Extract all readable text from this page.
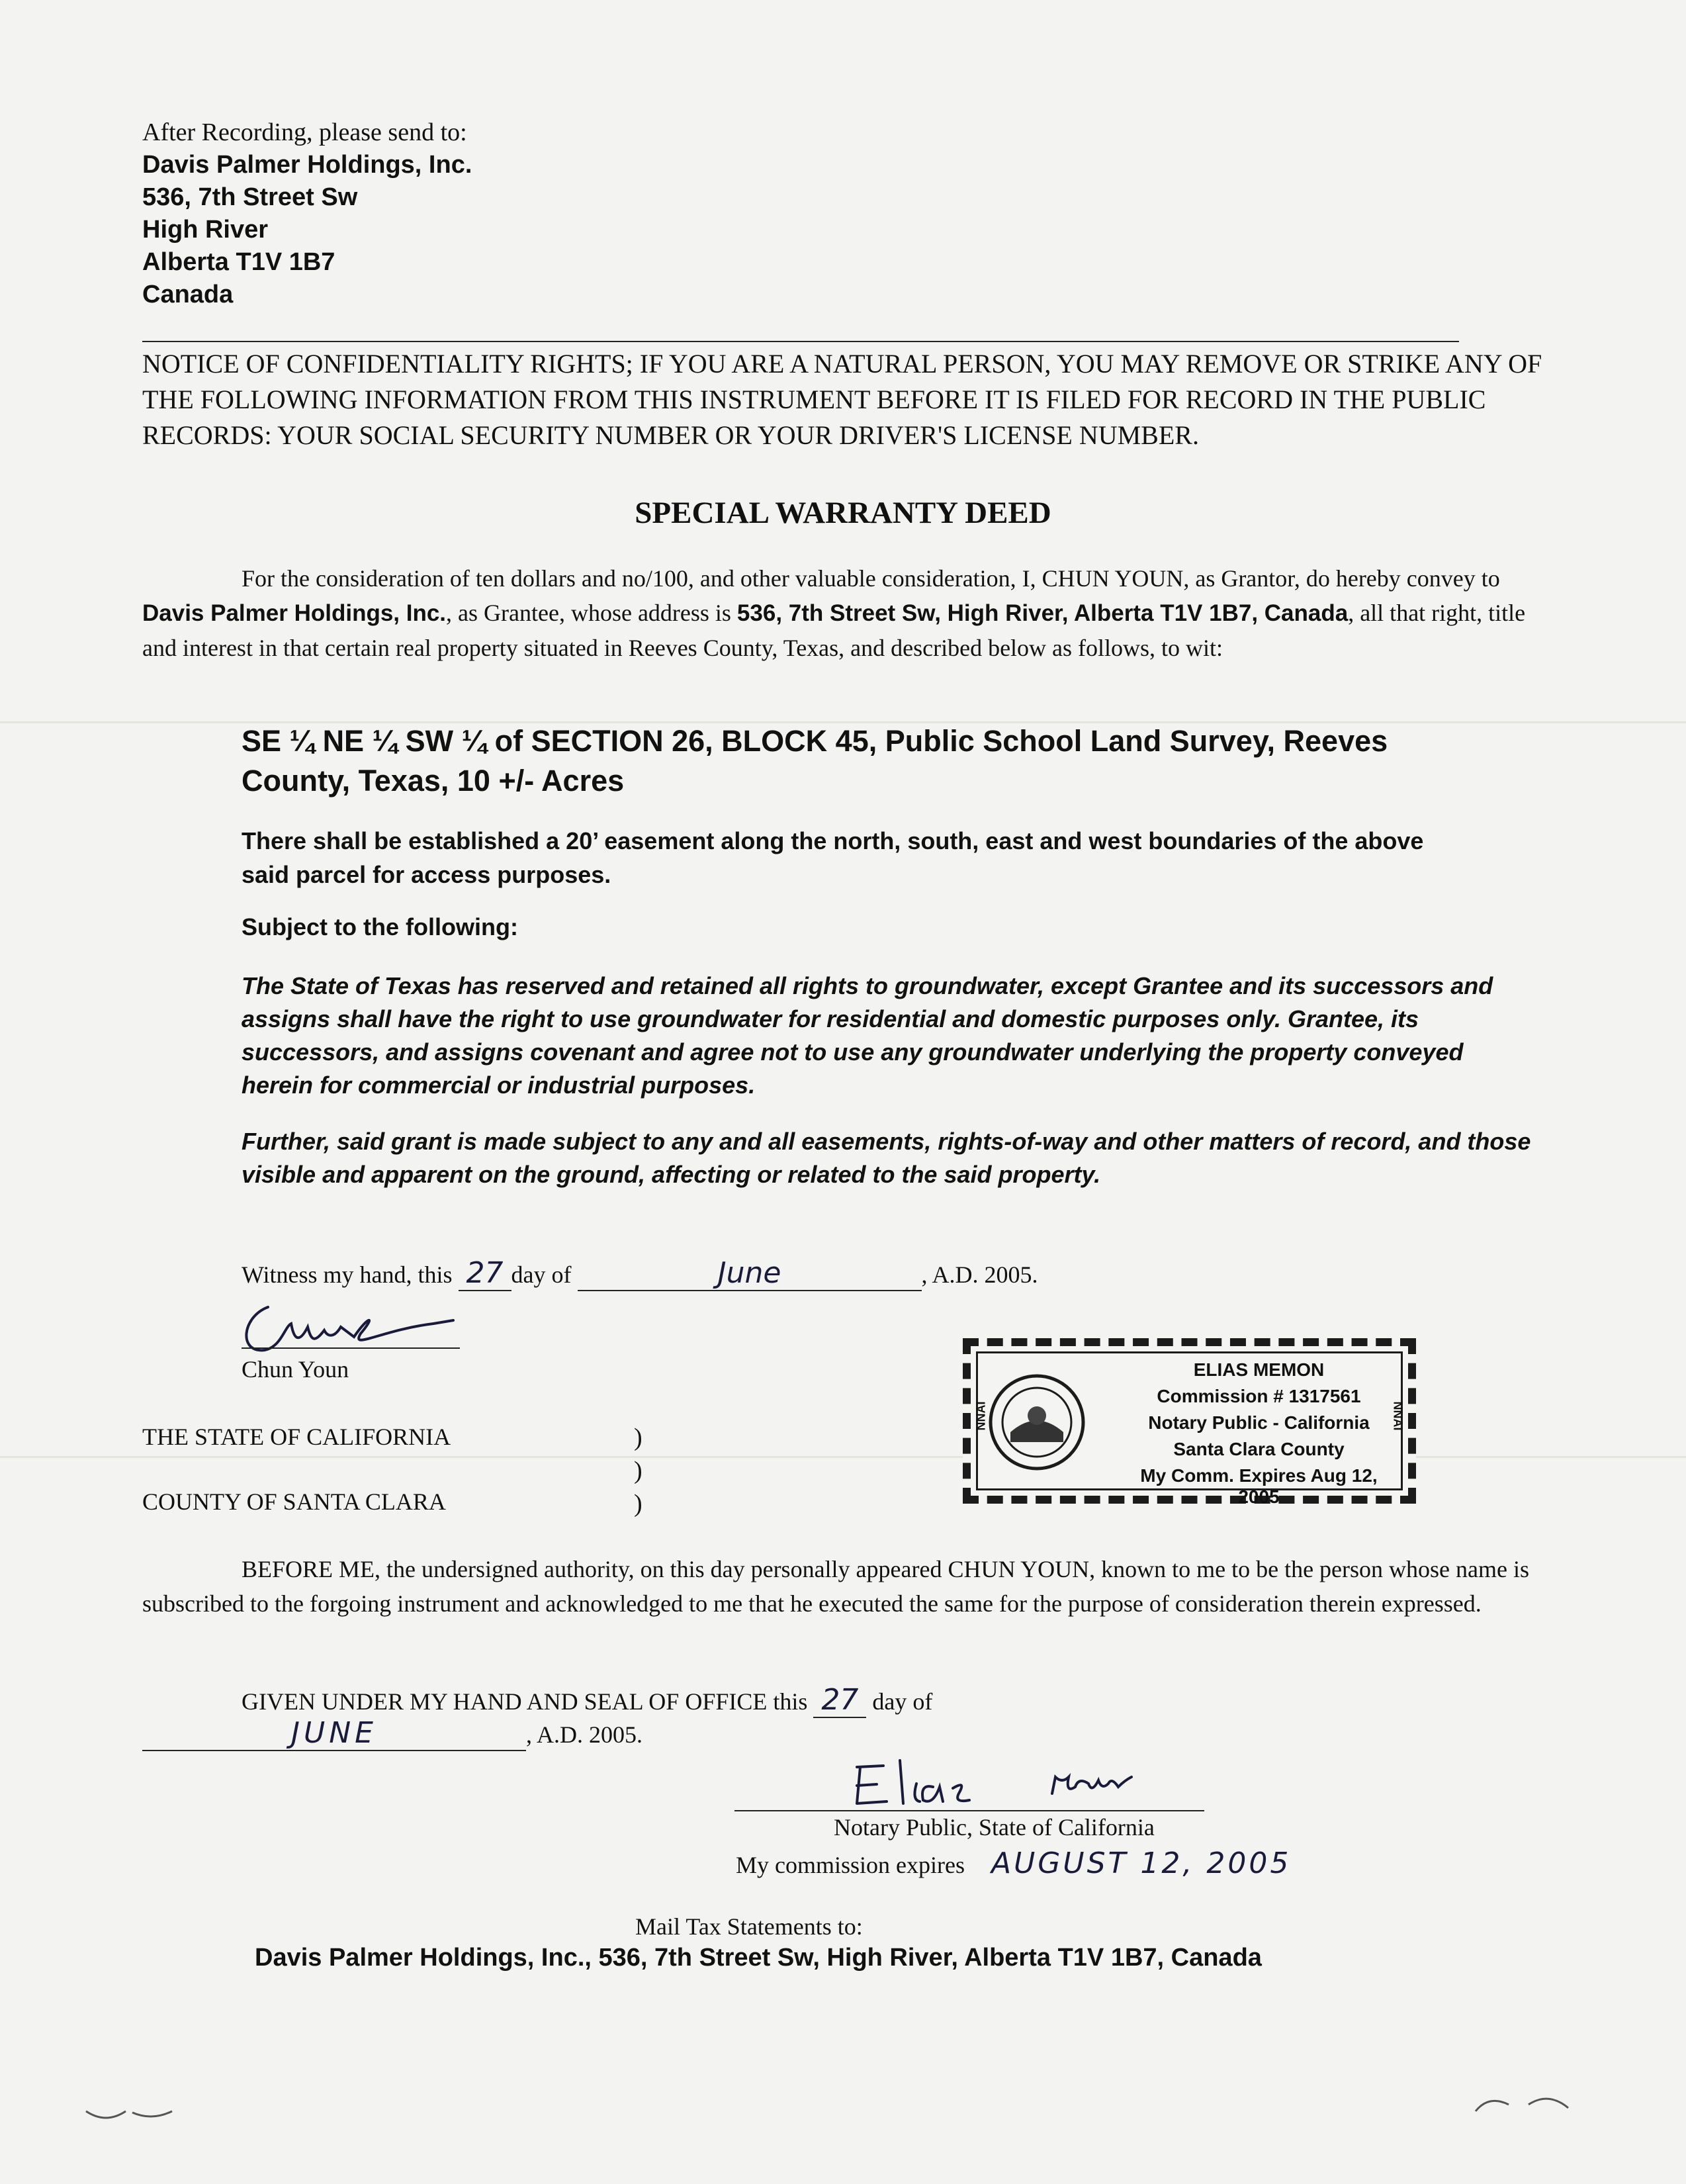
After Recording, please send to:
Davis Palmer Holdings, Inc.
536, 7th Street Sw
High River
Alberta T1V 1B7
Canada
NOTICE OF CONFIDENTIALITY RIGHTS; IF YOU ARE A NATURAL PERSON, YOU MAY REMOVE OR STRIKE ANY OF THE FOLLOWING INFORMATION FROM THIS INSTRUMENT BEFORE IT IS FILED FOR RECORD IN THE PUBLIC RECORDS: YOUR SOCIAL SECURITY NUMBER OR YOUR DRIVER'S LICENSE NUMBER.
SPECIAL WARRANTY DEED
For the consideration of ten dollars and no/100, and other valuable consideration, I, CHUN YOUN, as Grantor, do hereby convey to Davis Palmer Holdings, Inc., as Grantee, whose address is 536, 7th Street Sw, High River, Alberta T1V 1B7, Canada, all that right, title and interest in that certain real property situated in Reeves County, Texas, and described below as follows, to wit:
SE ¼ NE ¼ SW ¼ of SECTION 26, BLOCK 45, Public School Land Survey, Reeves County, Texas, 10 +/- Acres
There shall be established a 20’ easement along the north, south, east and west boundaries of the above said parcel for access purposes.
Subject to the following:
The State of Texas has reserved and retained all rights to groundwater, except Grantee and its successors and assigns shall have the right to use groundwater for residential and domestic purposes only. Grantee, its successors, and assigns covenant and agree not to use any groundwater underlying the property conveyed herein for commercial or industrial purposes.
Further, said grant is made subject to any and all easements, rights-of-way and other matters of record, and those visible and apparent on the ground, affecting or related to the said property.
Witness my hand, this 27 day of	June	, A.D. 2005.
Chun Youn
NNAI	NNAI
ELIAS MEMON
Commission # 1317561
Notary Public - California
Santa Clara County
My Comm. Expires Aug 12, 2005
THE STATE OF CALIFORNIA
COUNTY OF SANTA CLARA
)
)
)
BEFORE ME, the undersigned authority, on this day personally appeared CHUN YOUN, known to me to be the person whose name is subscribed to the forgoing instrument and acknowledged to me that he executed the same for the purpose of consideration therein expressed.
GIVEN UNDER MY HAND AND SEAL OF OFFICE this 27 day of
JUNE	, A.D. 2005.
Notary Public, State of California
My commission expires AUGUST 12, 2005
Mail Tax Statements to:
Davis Palmer Holdings, Inc., 536, 7th Street Sw, High River, Alberta T1V 1B7, Canada
